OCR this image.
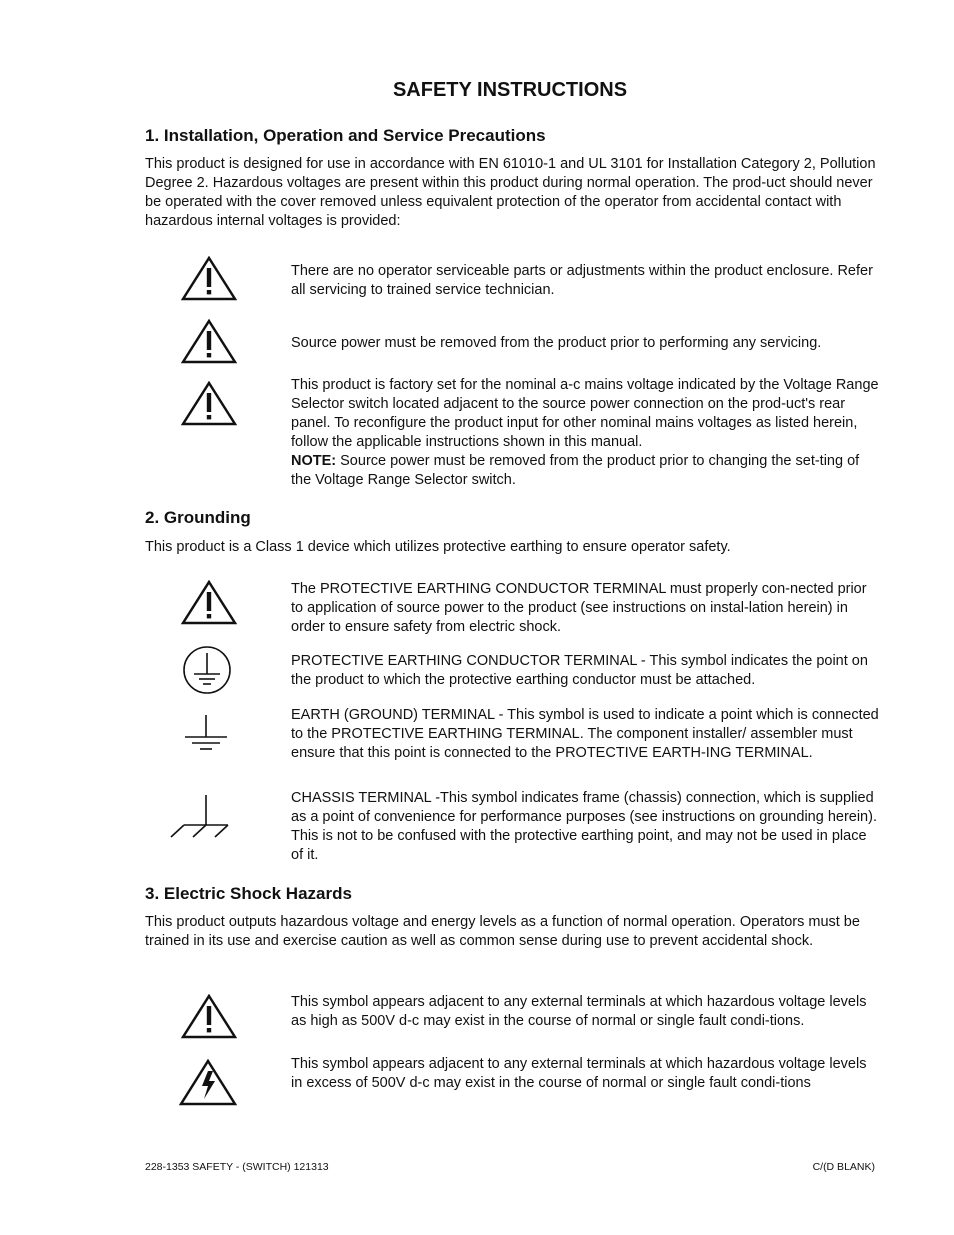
SAFETY INSTRUCTIONS
1. Installation, Operation and Service Precautions

This product is designed for use in accordance with EN 61010-1 and UL 3101 for Installation Category 2, Pollution Degree 2. Hazardous voltages are present within this product during normal operation. The prod-uct should never be operated with the cover removed unless equivalent protection of the operator from accidental contact with hazardous internal voltages is provided:

There are no operator serviceable parts or adjustments within the product enclosure. Refer all servicing to trained service technician.

Source power must be removed from the product prior to performing any servicing.

This product is factory set for the nominal a-c mains voltage indicated by the Voltage Range Selector switch located adjacent to the source power connection on the prod-uct's rear panel. To reconfigure the product input for other nominal mains voltages as listed herein, follow the applicable instructions shown in this manual.
NOTE: Source power must be removed from the product prior to changing the set-ting of the Voltage Range Selector switch.

2. Grounding

This product is a Class 1 device which utilizes protective earthing to ensure operator safety.

The PROTECTIVE EARTHING CONDUCTOR TERMINAL must properly con-nected prior to application of source power to the product (see instructions on instal-lation herein) in order to ensure safety from electric shock.

PROTECTIVE EARTHING CONDUCTOR TERMINAL - This symbol indicates the point on the product to which the protective earthing conductor must be attached.

EARTH (GROUND) TERMINAL - This symbol is used to indicate a point which is connected to the PROTECTIVE EARTHING TERMINAL. The component installer/ assembler must ensure that this point is connected to the PROTECTIVE EARTH-ING TERMINAL.

CHASSIS TERMINAL -This symbol indicates frame (chassis) connection, which is supplied as a point of convenience for performance purposes (see instructions on grounding herein). This is not to be confused with the protective earthing point, and may not be used in place of it.

3. Electric Shock Hazards

This product outputs hazardous voltage and energy levels as a function of normal operation. Operators must be trained in its use and exercise caution as well as common sense during use to prevent accidental shock.

This symbol appears adjacent to any external terminals at which hazardous voltage levels as high as 500V d-c may exist in the course of normal or single fault condi-tions.

This symbol appears adjacent to any external terminals at which hazardous voltage levels in excess of 500V d-c may exist in the course of normal or single fault condi-tions

228-1353 SAFETY - (SWITCH) 121313	C/(D BLANK)
